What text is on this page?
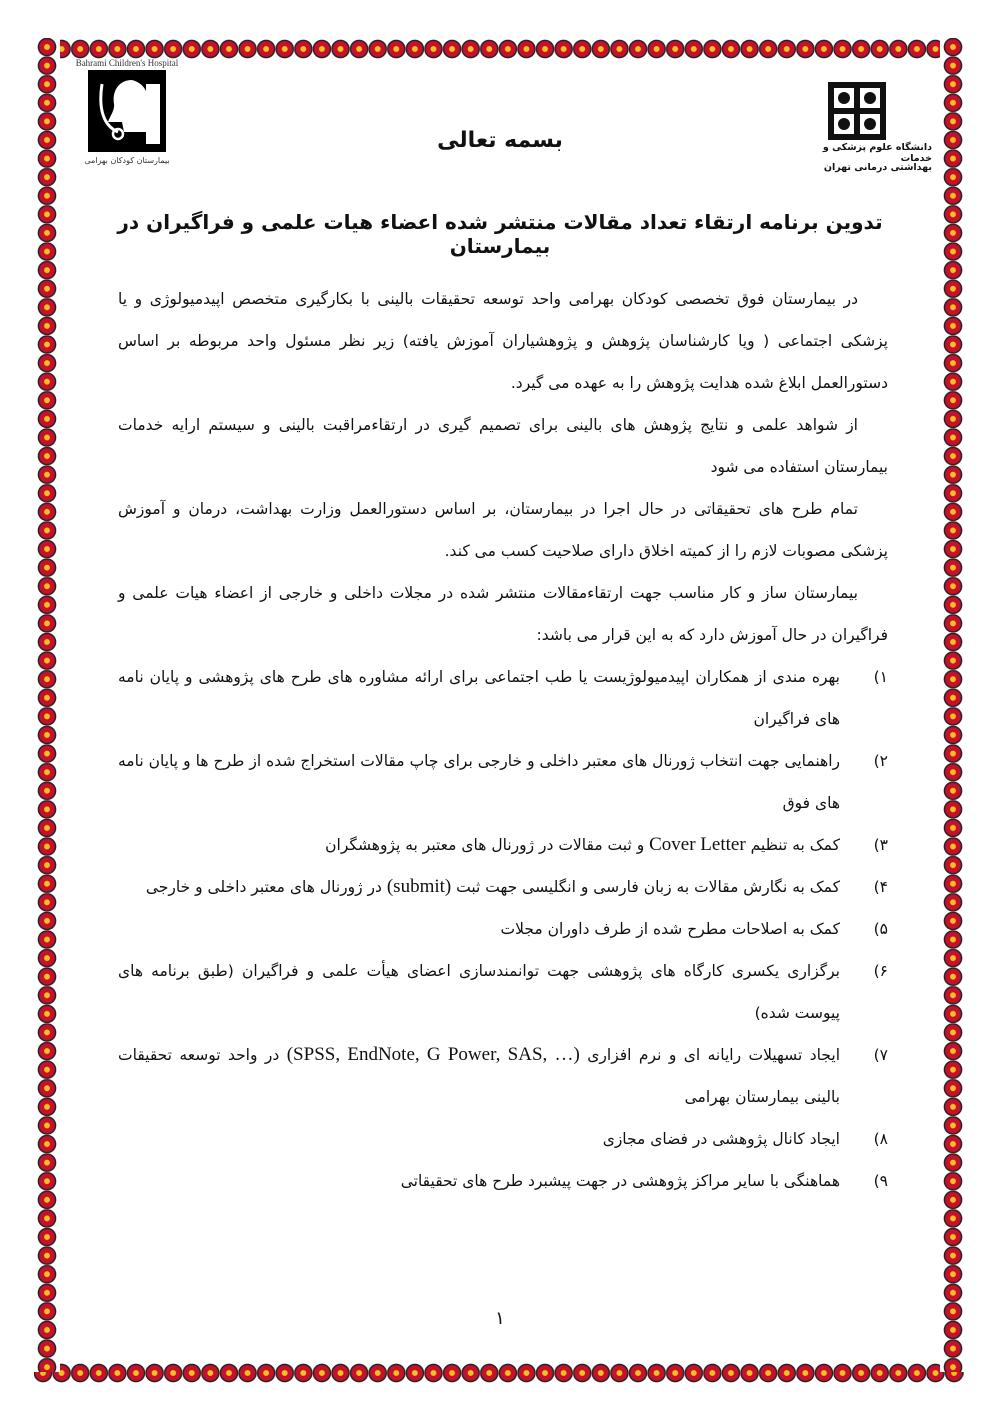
Bahrami Children's Hospital
بیمارستان کودکان بهرامی
دانشگاه علوم پزشکی و خدمات
بهداشتی درمانی تهران
بسمه تعالی
تدوین برنامه ارتقاء تعداد مقالات منتشر شده اعضاء هیات علمی و فراگیران در بیمارستان

در بیمارستان فوق تخصصی کودکان بهرامی واحد توسعه تحقیقات بالینی با بکارگیری متخصص اپیدمیولوژی و یا پزشکی اجتماعی ( ویا کارشناسان پژوهش و پژوهشیاران آموزش یافته) زیر نظر مسئول واحد مربوطه بر اساس دستورالعمل ابلاغ شده هدایت پژوهش را به عهده می گیرد.

از شواهد علمی و نتایج پژوهش های بالینی برای تصمیم گیری در ارتقاءمراقبت بالینی و سیستم ارایه خدمات بیمارستان استفاده می شود

تمام طرح های تحقیقاتی در حال اجرا در بیمارستان، بر اساس دستورالعمل وزارت بهداشت، درمان و آموزش پزشکی مصوبات لازم را از کمیته اخلاق دارای صلاحیت کسب می کند.

بیمارستان ساز و کار مناسب جهت ارتقاءمقالات منتشر شده در مجلات داخلی و خارجی از اعضاء هیات علمی و فراگیران در حال آموزش دارد که به این قرار می باشد:

۱)
بهره مندی از همکاران اپیدمیولوژیست یا طب اجتماعی برای ارائه مشاوره های طرح های پژوهشی و پایان نامه های فراگیران
۲)
راهنمایی جهت انتخاب ژورنال های معتبر داخلی و خارجی برای چاپ مقالات استخراج شده از طرح ها و پایان نامه های فوق
۳)
کمک به تنظیم Cover Letter و ثبت مقالات در ژورنال های معتبر به پژوهشگران
۴)
کمک به نگارش مقالات به زبان فارسی و انگلیسی جهت ثبت (submit) در ژورنال های معتبر داخلی و خارجی
۵)
کمک به اصلاحات مطرح شده از طرف داوران مجلات
۶)
برگزاری یکسری کارگاه های پژوهشی جهت توانمندسازی اعضای هیأت علمی و فراگیران (طبق برنامه های پیوست شده)
۷)
ایجاد تسهیلات رایانه ای و نرم افزاری (SPSS, EndNote, G Power, SAS, …) در واحد توسعه تحقیقات بالینی بیمارستان بهرامی
۸)
ایجاد کانال پژوهشی در فضای مجازی
۹)
هماهنگی با سایر مراکز پژوهشی در جهت پیشبرد طرح های تحقیقاتی
۱
